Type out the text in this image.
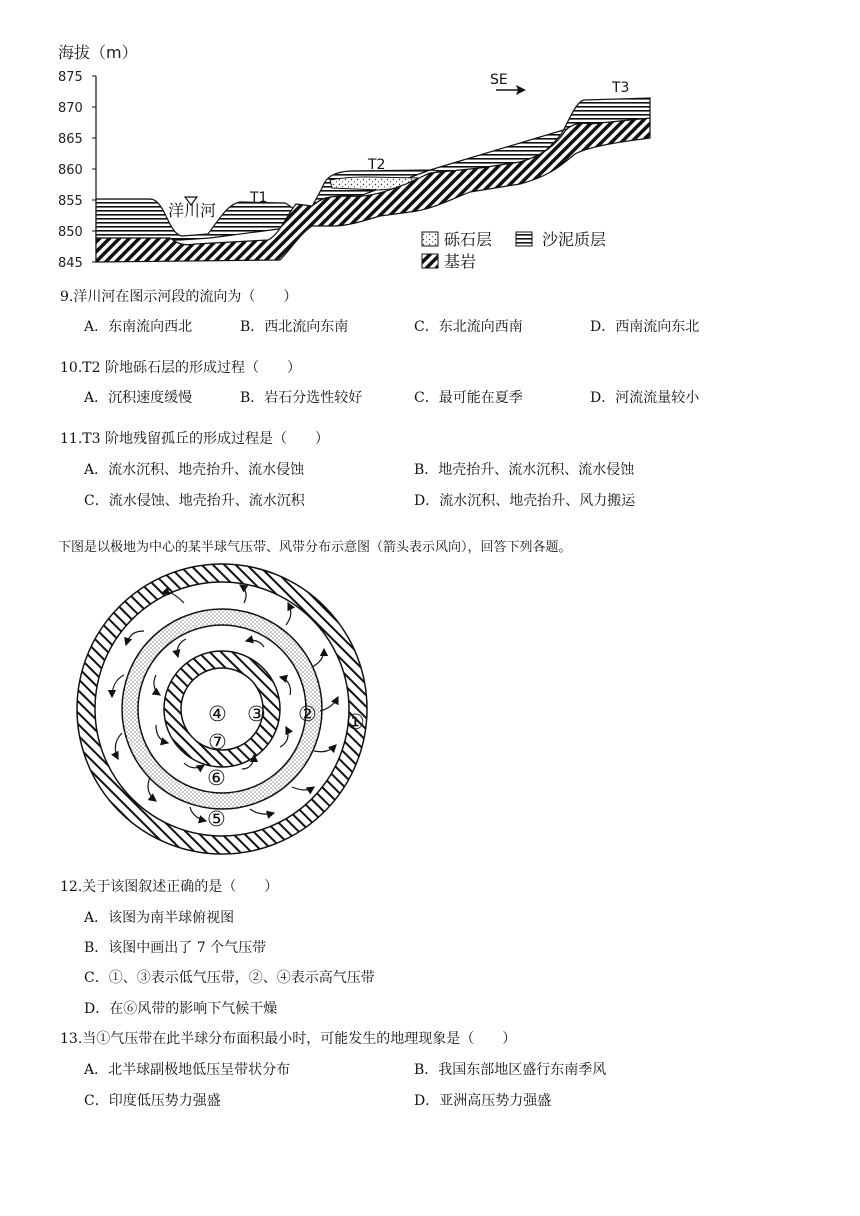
海拔（m）
875
870
865
860
855
850
845
洋川河
T1
T2
T3
SE
砾石层	沙泥质层
基岩
9.洋川河在图示河段的流向为（　　）
A．东南流向西北	B．西北流向东南	C．东北流向西南	D．西南流向东北
10.T2 阶地砾石层的形成过程（　　）
A．沉积速度缓慢	B．岩石分选性较好	C．最可能在夏季	D．河流流量较小
11.T3 阶地残留孤丘的形成过程是（　　）
A．流水沉积、地壳抬升、流水侵蚀	B．地壳抬升、流水沉积、流水侵蚀
C．流水侵蚀、地壳抬升、流水沉积	D．流水沉积、地壳抬升、风力搬运
下图是以极地为中心的某半球气压带、风带分布示意图（箭头表示风向），回答下列各题。
④ ③
⑦
② ①
⑥
⑤
12.关于该图叙述正确的是（　　）
A．该图为南半球俯视图
B．该图中画出了 7 个气压带
C．①、③表示低气压带，②、④表示高气压带
D．在⑥风带的影响下气候干燥
13.当①气压带在此半球分布面积最小时，可能发生的地理现象是（　　）
A．北半球副极地低压呈带状分布	B．我国东部地区盛行东南季风
C．印度低压势力强盛	D．亚洲高压势力强盛
